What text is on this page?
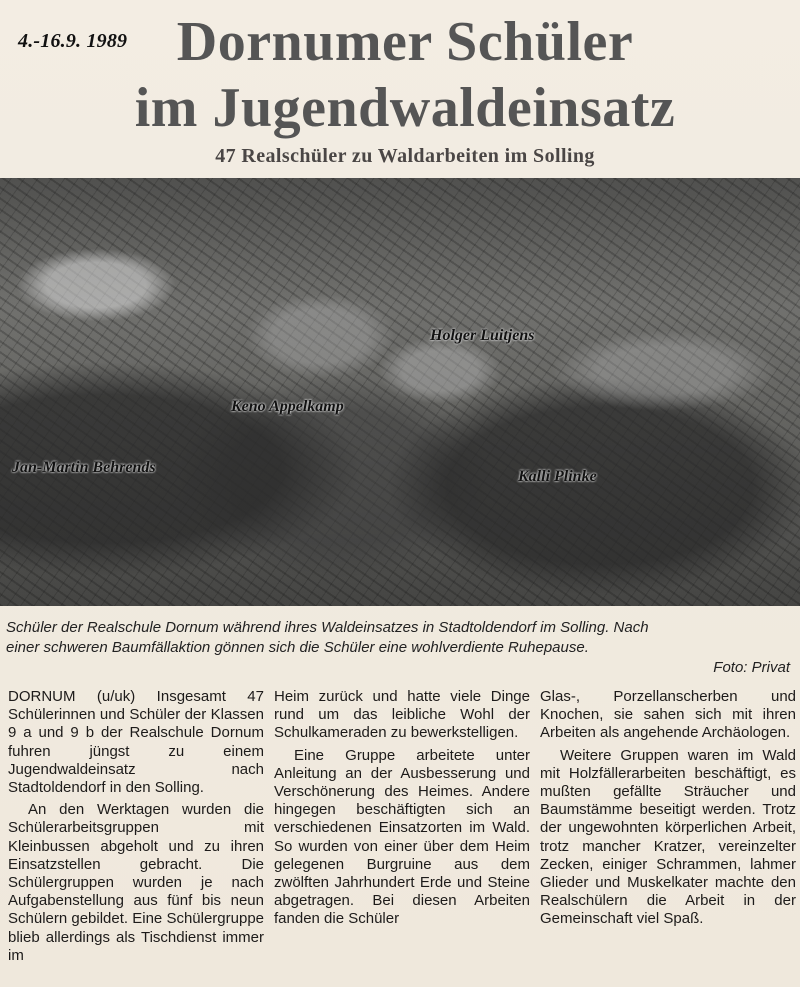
4.-16.9. 1989 Dornumer Schüler
im Jugendwaldeinsatz
47 Realschüler zu Waldarbeiten im Solling
Jan-Martin Behrends
Keno Appelkamp
Holger Luitjens
Kalli Plinke
Schüler der Realschule Dornum während ihres Waldeinsatzes in Stadtoldendorf im Solling. Nach
einer schweren Baumfällaktion gönnen sich die Schüler eine wohlverdiente Ruhepause.
Foto: Privat

DORNUM (u/uk) Insgesamt 47 Schülerinnen und Schüler der Klassen 9 a und 9 b der Realschule Dornum fuhren jüngst zu einem Jugendwaldeinsatz nach Stadtoldendorf in den Solling.

An den Werktagen wurden die Schülerarbeitsgruppen mit Kleinbussen abgeholt und zu ihren Einsatzstellen gebracht. Die Schülergruppen wurden je nach Aufgabenstellung aus fünf bis neun Schülern gebildet. Eine Schülergruppe blieb allerdings als Tischdienst immer im

Heim zurück und hatte viele Dinge rund um das leibliche Wohl der Schulkameraden zu bewerkstelligen.

Eine Gruppe arbeitete unter Anleitung an der Ausbesserung und Verschönerung des Heimes. Andere hingegen beschäftigten sich an verschiedenen Einsatzorten im Wald. So wurden von einer über dem Heim gelegenen Burgruine aus dem zwölften Jahrhundert Erde und Steine abgetragen. Bei diesen Arbeiten fanden die Schüler

Glas-, Porzellanscherben und Knochen, sie sahen sich mit ihren Arbeiten als angehende Archäologen.

Weitere Gruppen waren im Wald mit Holzfällerarbeiten beschäftigt, es mußten gefällte Sträucher und Baumstämme beseitigt werden. Trotz der ungewohnten körperlichen Arbeit, trotz mancher Kratzer, vereinzelter Zecken, einiger Schrammen, lahmer Glieder und Muskelkater machte den Realschülern die Arbeit in der Gemeinschaft viel Spaß.
